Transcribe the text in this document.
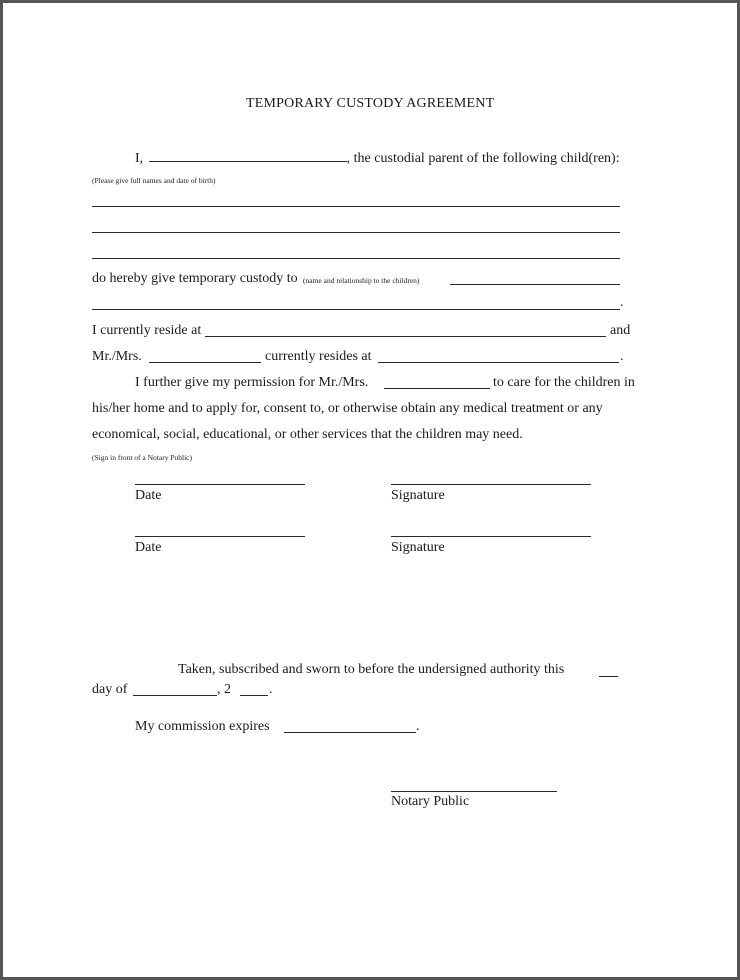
TEMPORARY CUSTODY AGREEMENT
I,	, the custodial parent of the following child(ren):
(Please give full names and date of birth)
do hereby give temporary custody to (name and relationship to the children)
.
I currently reside at	and
Mr./Mrs.	currently resides at	.
I further give my permission for Mr./Mrs.	to care for the children in
his/her home and to apply for, consent to, or otherwise obtain any medical treatment or any
economical, social, educational, or other services that the children may need.
(Sign in front of a Notary Public)
Date	Signature
Date	Signature
Taken, subscribed and sworn to before the undersigned authority this
day of	, 2	.
My commission expires	.
Notary Public
